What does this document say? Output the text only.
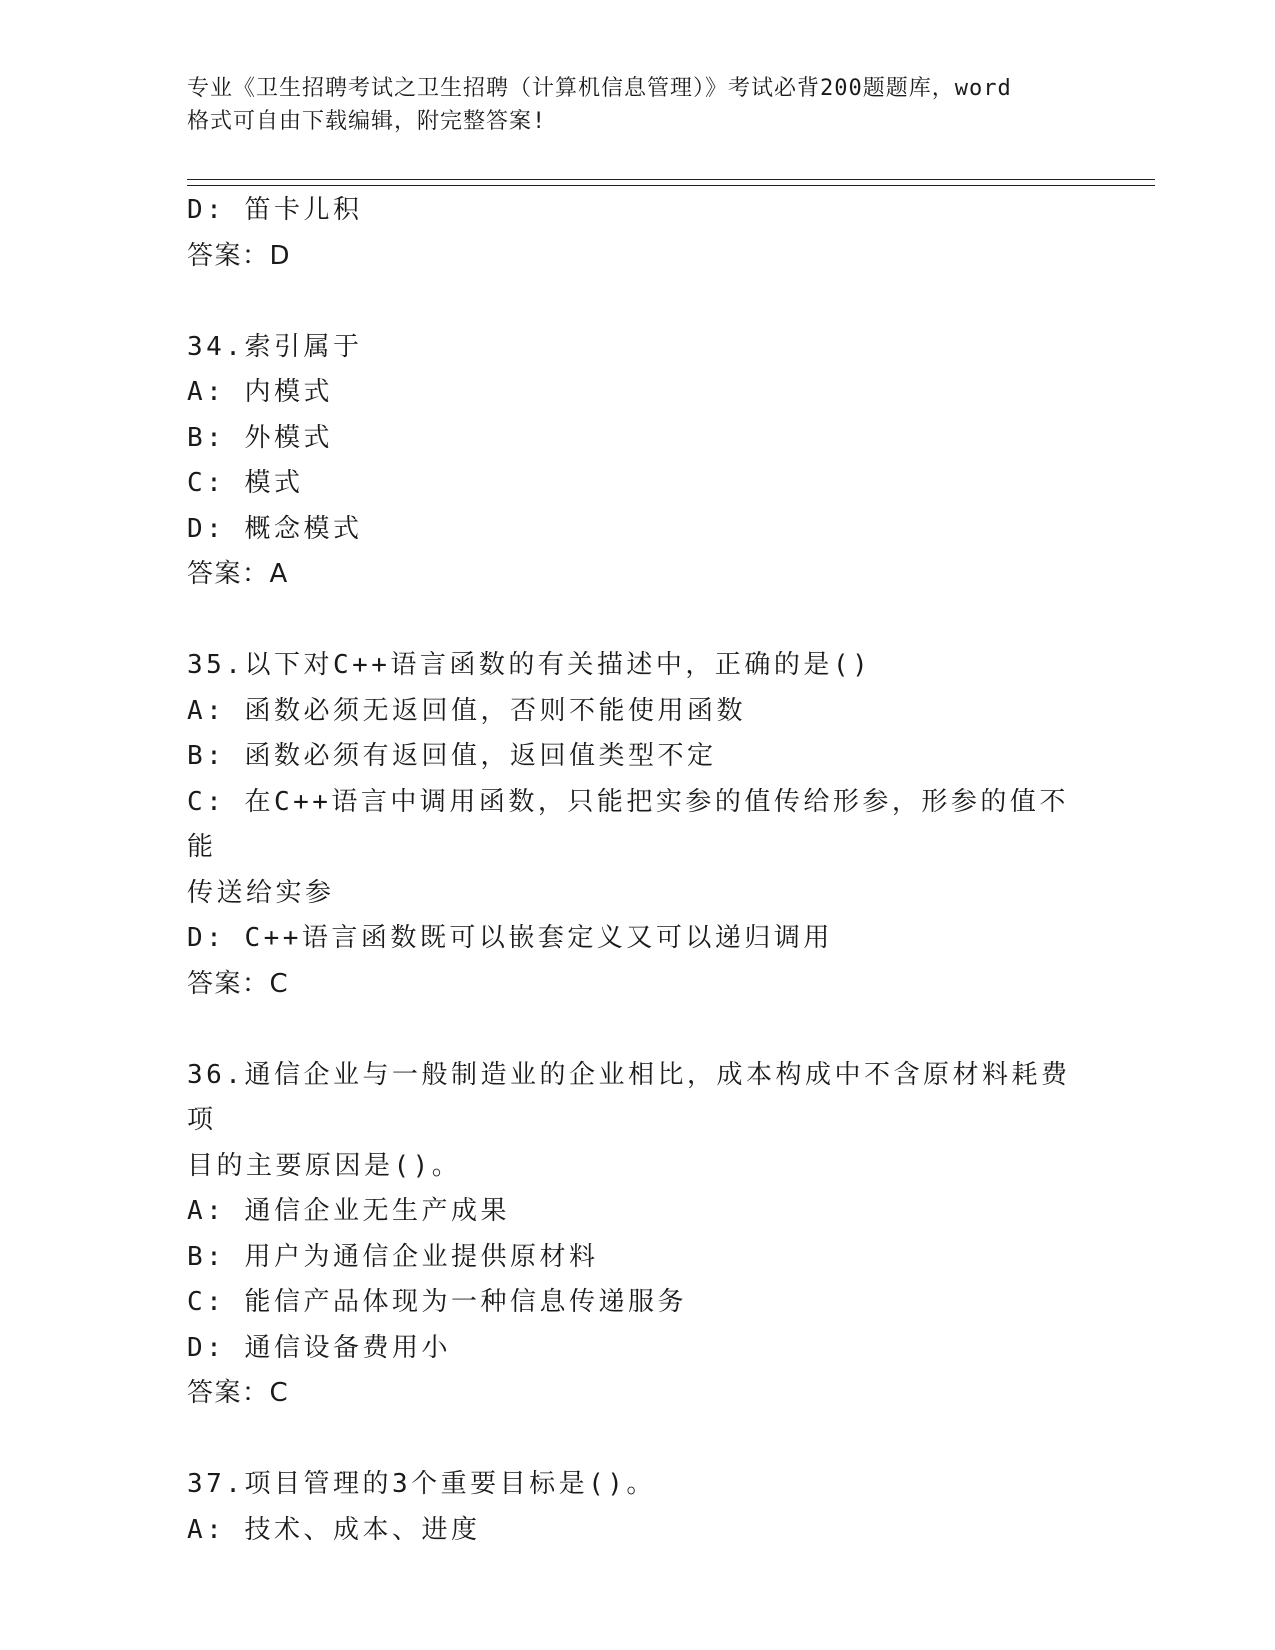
专业《卫生招聘考试之卫生招聘（计算机信息管理）》考试必背200题题库，word
格式可自由下载编辑，附完整答案!

D: 笛卡儿积

答案：D

34.索引属于

A: 内模式

B: 外模式

C: 模式

D: 概念模式

答案：A

35.以下对C++语言函数的有关描述中，正确的是()

A: 函数必须无返回值，否则不能使用函数

B: 函数必须有返回值，返回值类型不定

C: 在C++语言中调用函数，只能把实参的值传给形参，形参的值不能

传送给实参

D: C++语言函数既可以嵌套定义又可以递归调用

答案：C

36.通信企业与一般制造业的企业相比，成本构成中不含原材料耗费项

目的主要原因是()。

A: 通信企业无生产成果

B: 用户为通信企业提供原材料

C: 能信产品体现为一种信息传递服务

D: 通信设备费用小

答案：C

37.项目管理的3个重要目标是()。

A: 技术、成本、进度
